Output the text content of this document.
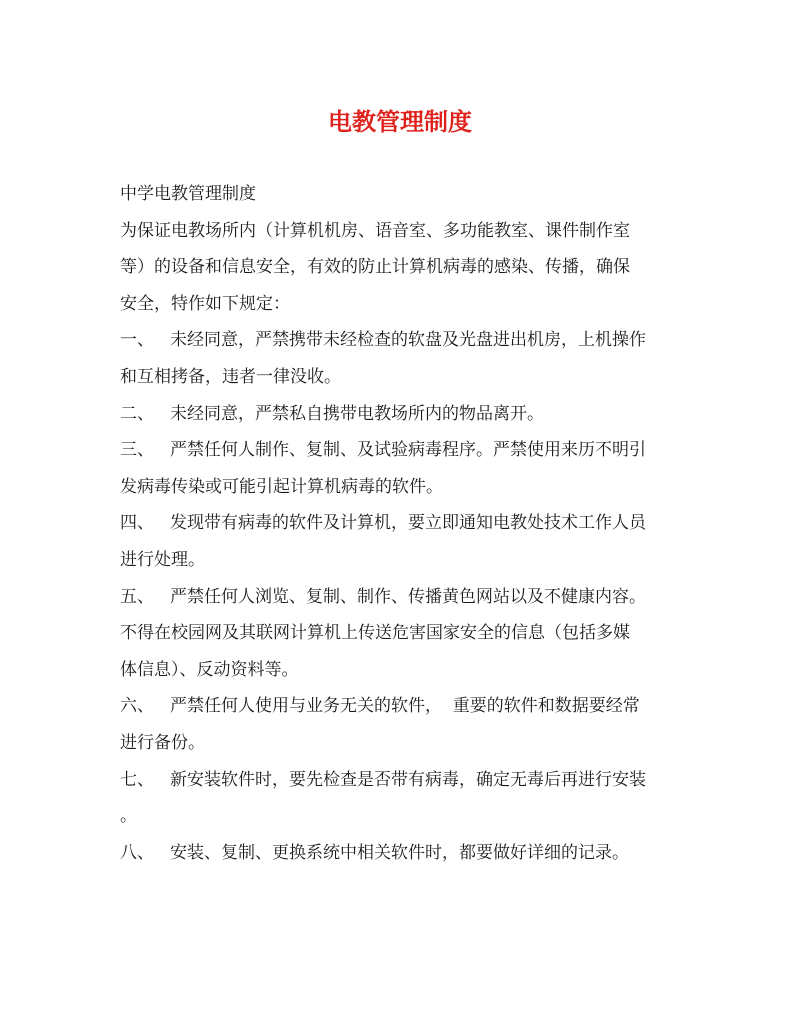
电教管理制度
中学电教管理制度
为保证电教场所内（计算机机房、语音室、多功能教室、课件制作室
等）的设备和信息安全，有效的防止计算机病毒的感染、传播，确保
安全，特作如下规定：
一、 未经同意，严禁携带未经检查的软盘及光盘进出机房，上机操作
和互相拷备，违者一律没收。
二、 未经同意，严禁私自携带电教场所内的物品离开。
三、 严禁任何人制作、复制、及试验病毒程序。严禁使用来历不明引
发病毒传染或可能引起计算机病毒的软件。
四、 发现带有病毒的软件及计算机，要立即通知电教处技术工作人员
进行处理。
五、 严禁任何人浏览、复制、制作、传播黄色网站以及不健康内容。
不得在校园网及其联网计算机上传送危害国家安全的信息（包括多媒
体信息）、反动资料等。
六、 严禁任何人使用与业务无关的软件，  重要的软件和数据要经常
进行备份。
七、 新安装软件时，要先检查是否带有病毒，确定无毒后再进行安装
。
八、 安装、复制、更换系统中相关软件时，都要做好详细的记录。
